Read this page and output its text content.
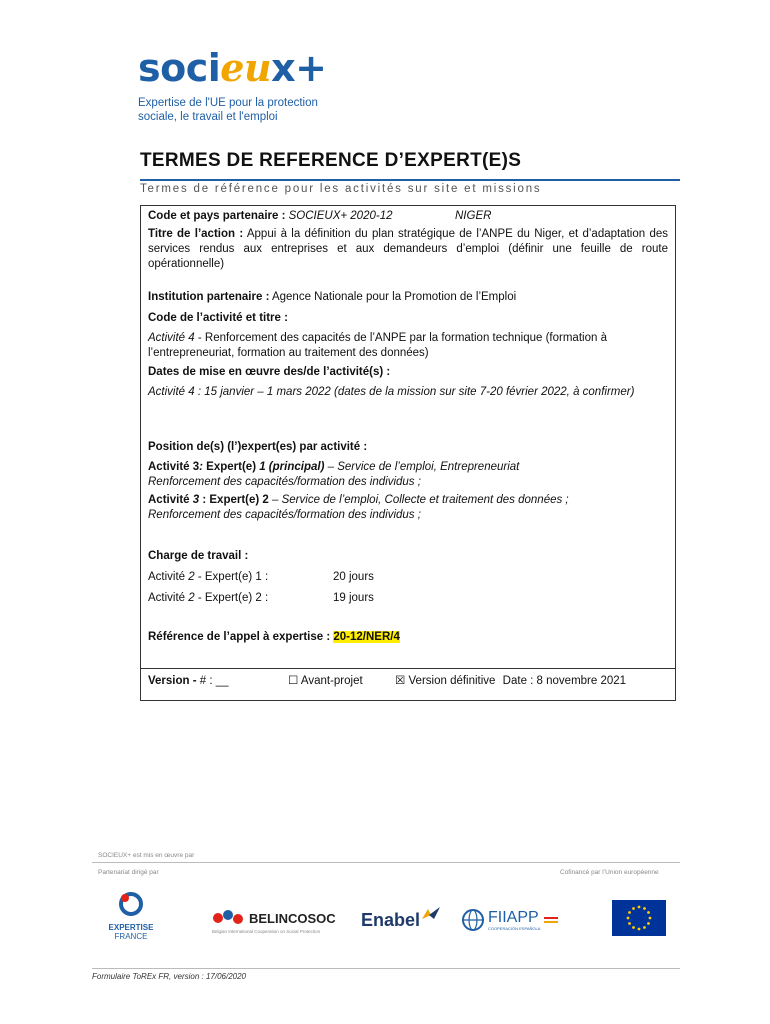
socieux+
Expertise de l'UE pour la protection
sociale, le travail et l'emploi
TERMES DE REFERENCE D’EXPERT(E)S
Termes de référence pour les activités sur site et missions
Code et pays partenaire : SOCIEUX+ 2020-12	NIGER
Titre de l’action : Appui à la définition du plan stratégique de l’ANPE du Niger, et d’adaptation des services rendus aux entreprises et aux demandeurs d’emploi (définir une feuille de route opérationnelle)
Institution partenaire : Agence Nationale pour la Promotion de l’Emploi
Code de l’activité et titre :
Activité 4 - Renforcement des capacités de l’ANPE par la formation technique (formation à l’entrepreneuriat, formation au traitement des données)
Dates de mise en œuvre des/de l’activité(s) :
Activité 4 : 15 janvier – 1 mars 2022 (dates de la mission sur site 7-20 février 2022, à confirmer)
Position de(s) (l’)expert(es) par activité :
Activité 3: Expert(e) 1 (principal) – Service de l’emploi, Entrepreneuriat
Renforcement des capacités/formation des individus ;
Activité 3 : Expert(e) 2 – Service de l’emploi, Collecte et traitement des données ;
Renforcement des capacités/formation des individus ;
Charge de travail :
Activité 2 - Expert(e) 1 :	20 jours
Activité 2 - Expert(e) 2 :	19 jours
Référence de l’appel à expertise : 20-12/NER/4
Version - # : __	☐ Avant-projet	☒ Version définitive Date : 8 novembre 2021
SOCIEUX+ est mis en œuvre par
Partenariat dirigé par	Cofinancé par l’Union européenne
EXPERTISE
FRANCE
BELINCOSOC
Belgian International Cooperation on Social Protection
Enabel	FIIAPP
COOPERACIÓN ESPAÑOLA
Formulaire ToREx FR, version : 17/06/2020
